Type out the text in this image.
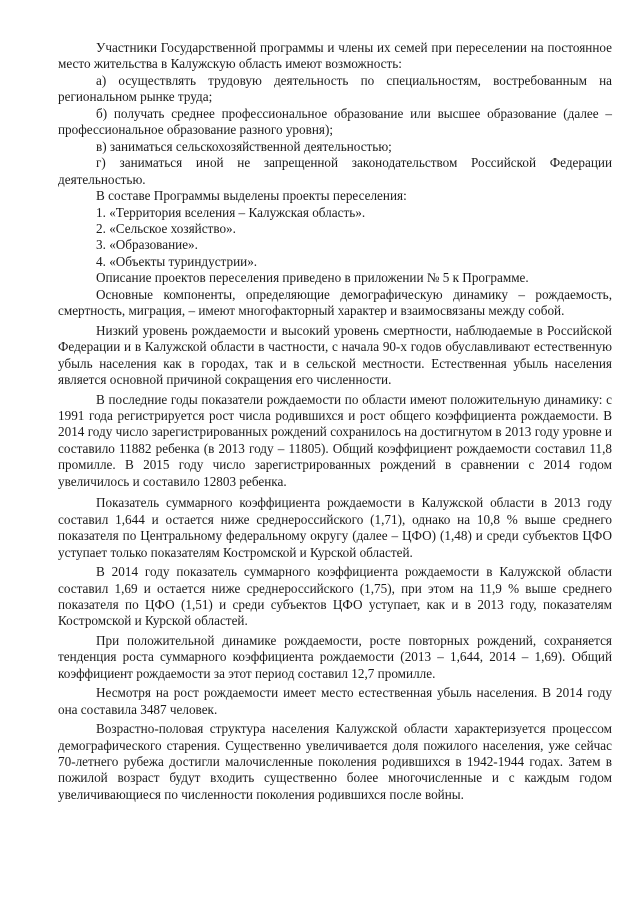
Участники Государственной программы и члены их семей при переселении на постоянное место жительства в Калужскую область имеют возможность:

а) осуществлять трудовую деятельность по специальностям, востребованным на региональном рынке труда;

б) получать среднее профессиональное образование или высшее образование (далее – профессиональное образование разного уровня);

в) заниматься сельскохозяйственной деятельностью;

г) заниматься иной не запрещенной законодательством Российской Федерации деятельностью.

В составе Программы выделены проекты переселения:

1. «Территория вселения – Калужская область».

2. «Сельское хозяйство».

3. «Образование».

4. «Объекты туриндустрии».

Описание проектов переселения приведено в приложении № 5 к Программе.

Основные компоненты, определяющие демографическую динамику – рождаемость, смертность, миграция, – имеют многофакторный характер и взаимосвязаны между собой.

Низкий уровень рождаемости и высокий уровень смертности, наблюдаемые в Российской Федерации и в Калужской области в частности, с начала 90-х годов обуславливают естественную убыль населения как в городах, так и в сельской местности. Естественная убыль населения является основной причиной сокращения его численности.

В последние годы показатели рождаемости по области имеют положительную динамику: с 1991 года регистрируется рост числа родившихся и рост общего коэффициента рождаемости. В 2014 году число зарегистрированных рождений сохранилось на достигнутом в 2013 году уровне и составило 11882 ребенка (в 2013 году – 11805). Общий коэффициент рождаемости составил 11,8 промилле. В 2015 году число зарегистрированных рождений в сравнении с 2014 годом увеличилось и составило 12803 ребенка.

Показатель суммарного коэффициента рождаемости в Калужской области в 2013 году составил 1,644 и остается ниже среднероссийского (1,71), однако на 10,8 % выше среднего показателя по Центральному федеральному округу (далее – ЦФО) (1,48) и среди субъектов ЦФО уступает только показателям Костромской и Курской областей.

В 2014 году показатель суммарного коэффициента рождаемости в Калужской области составил 1,69 и остается ниже среднероссийского (1,75), при этом на 11,9 % выше среднего показателя по ЦФО (1,51) и среди субъектов ЦФО уступает, как и в 2013 году, показателям Костромской и Курской областей.

При положительной динамике рождаемости, росте повторных рождений, сохраняется тенденция роста суммарного коэффициента рождаемости (2013 – 1,644, 2014 – 1,69). Общий коэффициент рождаемости за этот период составил 12,7 промилле.

Несмотря на рост рождаемости имеет место естественная убыль населения. В 2014 году она составила 3487 человек.

Возрастно-половая структура населения Калужской области характеризуется процессом демографического старения. Существенно увеличивается доля пожилого населения, уже сейчас 70-летнего рубежа достигли малочисленные поколения родившихся в 1942-1944 годах. Затем в пожилой возраст будут входить существенно более многочисленные и с каждым годом увеличивающиеся по численности поколения родившихся после войны.
